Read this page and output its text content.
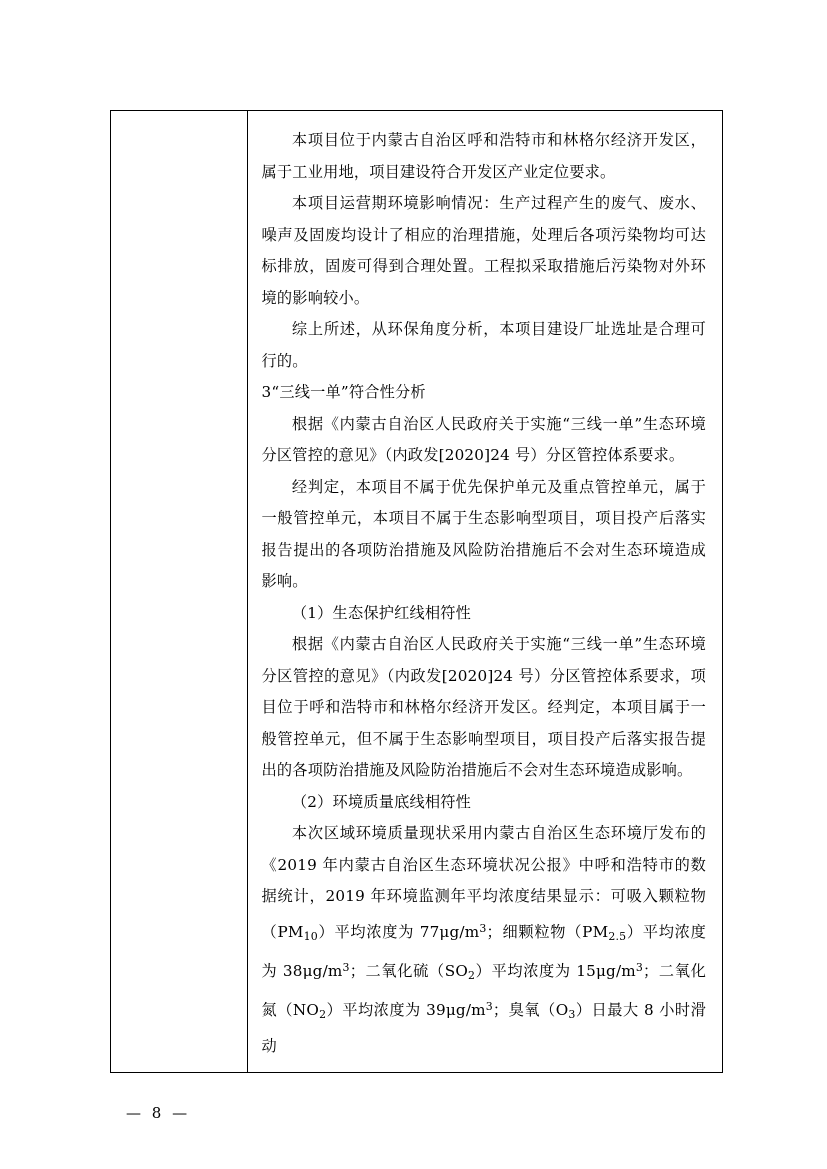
本项目位于内蒙古自治区呼和浩特市和林格尔经济开发区，属于工业用地，项目建设符合开发区产业定位要求。

本项目运营期环境影响情况：生产过程产生的废气、废水、噪声及固废均设计了相应的治理措施，处理后各项污染物均可达标排放，固废可得到合理处置。工程拟采取措施后污染物对外环境的影响较小。

综上所述，从环保角度分析，本项目建设厂址选址是合理可行的。

3“三线一单”符合性分析

根据《内蒙古自治区人民政府关于实施“三线一单”生态环境分区管控的意见》（内政发[2020]24 号）分区管控体系要求。

经判定，本项目不属于优先保护单元及重点管控单元，属于一般管控单元，本项目不属于生态影响型项目，项目投产后落实报告提出的各项防治措施及风险防治措施后不会对生态环境造成影响。

（1）生态保护红线相符性

根据《内蒙古自治区人民政府关于实施“三线一单”生态环境分区管控的意见》（内政发[2020]24 号）分区管控体系要求，项目位于呼和浩特市和林格尔经济开发区。经判定，本项目属于一般管控单元，但不属于生态影响型项目，项目投产后落实报告提出的各项防治措施及风险防治措施后不会对生态环境造成影响。

（2）环境质量底线相符性

本次区域环境质量现状采用内蒙古自治区生态环境厅发布的《2019 年内蒙古自治区生态环境状况公报》中呼和浩特市的数据统计，2019 年环境监测年平均浓度结果显示：可吸入颗粒物$(PM_{10})$平均浓度为 $77\mu g/m^3$；细颗粒物$(PM_{2.5})$平均浓度为 $38\mu g/m^3$；二氧化硫$(SO_2)$平均浓度为 $15\mu g/m^3$；二氧化氮$(NO_2)$平均浓度为 $39\mu g/m^3$；臭氧$(O_3)$日最大 8 小时滑动

— 8 —
